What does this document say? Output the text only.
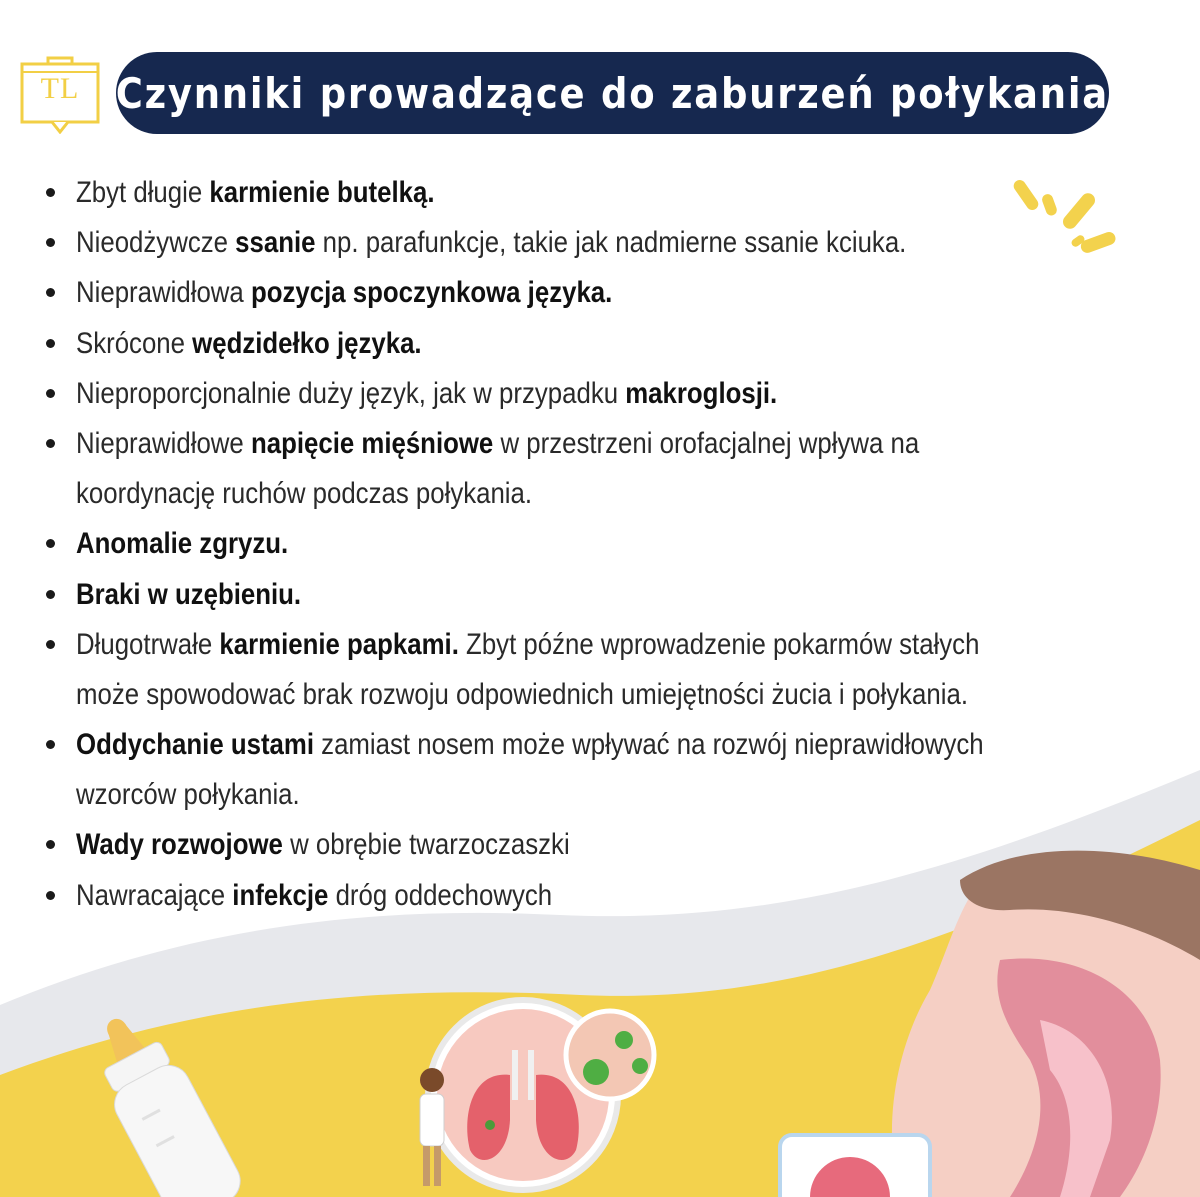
TL Czynniki prowadzące do zaburzeń połykania
Zbyt długie karmienie butelką.
Nieodżywcze ssanie np. parafunkcje, takie jak nadmierne ssanie kciuka.
Nieprawidłowa pozycja spoczynkowa języka.
Skrócone wędzidełko języka.
Nieproporcjonalnie duży język, jak w przypadku makroglosji.
Nieprawidłowe napięcie mięśniowe w przestrzeni orofacjalnej wpływa na
koordynację ruchów podczas połykania.
Anomalie zgryzu.
Braki w uzębieniu.
Długotrwałe karmienie papkami. Zbyt późne wprowadzenie pokarmów stałych
może spowodować brak rozwoju odpowiednich umiejętności żucia i połykania.
Oddychanie ustami zamiast nosem może wpływać na rozwój nieprawidłowych
wzorców połykania.
Wady rozwojowe w obrębie twarzoczaszki
Nawracające infekcje dróg oddechowych
